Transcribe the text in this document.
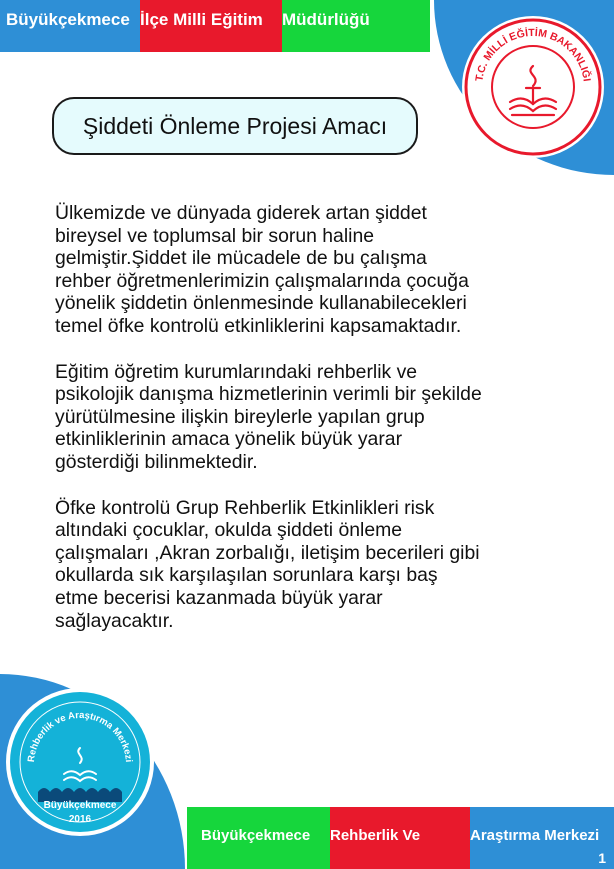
Büyükçekmece İlçe Milli Eğitim	Müdürlüğü
T.C. MİLLİ EĞİTİM BAKANLIĞI
Şiddeti Önleme Projesi Amacı

Ülkemizde ve dünyada giderek artan şiddet
bireysel ve toplumsal bir sorun haline
gelmiştir.Şiddet ile mücadele de bu çalışma
rehber öğretmenlerimizin çalışmalarında çocuğa
yönelik şiddetin önlenmesinde kullanabilecekleri
temel öfke kontrolü etkinliklerini kapsamaktadır.

Eğitim öğretim kurumlarındaki rehberlik ve
psikolojik danışma hizmetlerinin verimli bir şekilde
yürütülmesine ilişkin bireylerle yapılan grup
etkinliklerinin amaca yönelik büyük yarar
gösterdiği bilinmektedir.

Öfke kontrolü Grup Rehberlik Etkinlikleri risk
altındaki çocuklar, okulda şiddeti önleme
çalışmaları ,Akran zorbalığı, iletişim becerileri gibi
okullarda sık karşılaşılan sorunlara karşı baş
etme becerisi kazanmada büyük yarar
sağlayacaktır.

Rehberlik ve Araştırma Merkezi
Büyükçekmece
2016
Büyükçekmece	Rehberlik Ve	Araştırma Merkezi
1
